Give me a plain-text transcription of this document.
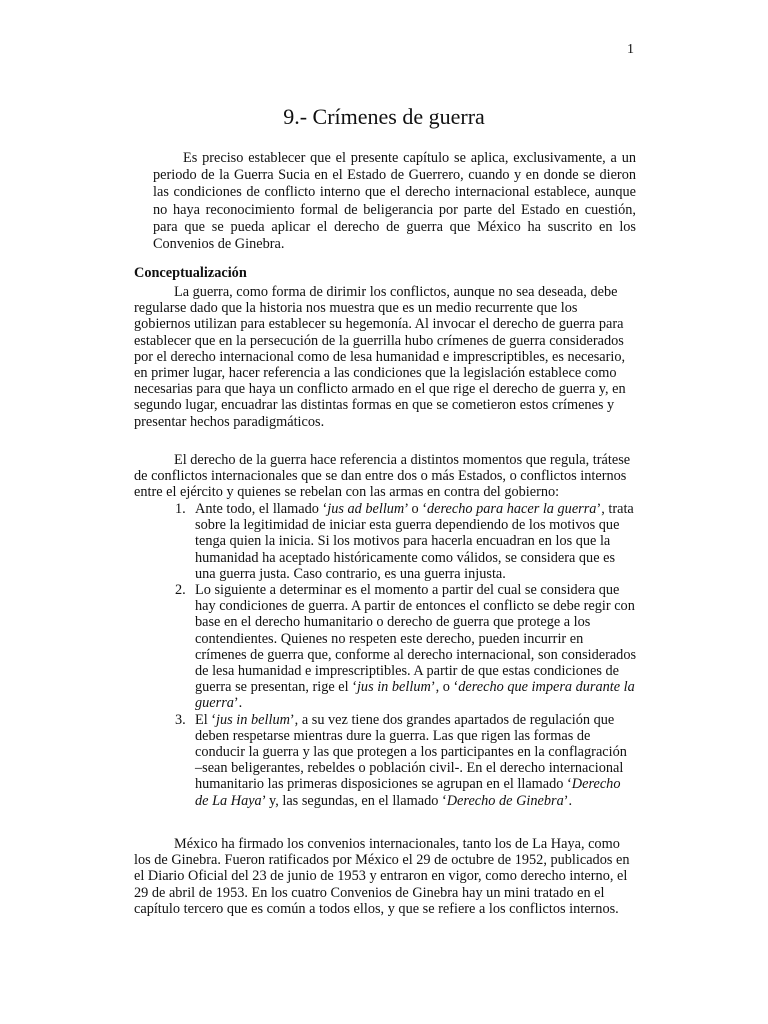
1
9.- Crímenes de guerra

Es preciso establecer que el presente capítulo se aplica, exclusivamente, a un periodo de la Guerra Sucia en el Estado de Guerrero, cuando y en donde se dieron las condiciones de conflicto interno que el derecho internacional establece, aunque no haya reconocimiento formal de beligerancia por parte del Estado en cuestión, para que se pueda aplicar el derecho de guerra que México ha suscrito en los Convenios de Ginebra.

Conceptualización

La guerra, como forma de dirimir los conflictos, aunque no sea deseada, debe regularse dado que la historia nos muestra que es un medio recurrente que los gobiernos utilizan para establecer su hegemonía. Al invocar el derecho de guerra para establecer que en la persecución de la guerrilla hubo crímenes de guerra considerados por el derecho internacional como de lesa humanidad e imprescriptibles, es necesario, en primer lugar, hacer referencia a las condiciones que la legislación establece como necesarias para que haya un conflicto armado en el que rige el derecho de guerra y, en segundo lugar, encuadrar las distintas formas en que se cometieron estos crímenes y presentar hechos paradigmáticos.

El derecho de la guerra hace referencia a distintos momentos que regula, trátese de conflictos internacionales que se dan entre dos o más Estados, o conflictos internos entre el ejército y quienes se rebelan con las armas en contra del gobierno:

1. Ante todo, el llamado ‘jus ad bellum’ o ‘derecho para hacer la guerra’, trata sobre la legitimidad de iniciar esta guerra dependiendo de los motivos que tenga quien la inicia. Si los motivos para hacerla encuadran en los que la humanidad ha aceptado históricamente como válidos, se considera que es una guerra justa. Caso contrario, es una guerra injusta.
2. Lo siguiente a determinar es el momento a partir del cual se considera que hay condiciones de guerra. A partir de entonces el conflicto se debe regir con base en el derecho humanitario o derecho de guerra que protege a los contendientes. Quienes no respeten este derecho, pueden incurrir en crímenes de guerra que, conforme al derecho internacional, son considerados de lesa humanidad e imprescriptibles. A partir de que estas condiciones de guerra se presentan, rige el ‘jus in bellum’, o ‘derecho que impera durante la guerra’.
3. El ‘jus in bellum’, a su vez tiene dos grandes apartados de regulación que deben respetarse mientras dure la guerra. Las que rigen las formas de conducir la guerra y las que protegen a los participantes en la conflagración –sean beligerantes, rebeldes o población civil-. En el derecho internacional humanitario las primeras disposiciones se agrupan en el llamado ‘Derecho de La Haya’ y, las segundas, en el llamado ‘Derecho de Ginebra’.

México ha firmado los convenios internacionales, tanto los de La Haya, como los de Ginebra. Fueron ratificados por México el 29 de octubre de 1952, publicados en el Diario Oficial del 23 de junio de 1953 y entraron en vigor, como derecho interno, el 29 de abril de 1953. En los cuatro Convenios de Ginebra hay un mini tratado en el capítulo tercero que es común a todos ellos, y que se refiere a los conflictos internos.
